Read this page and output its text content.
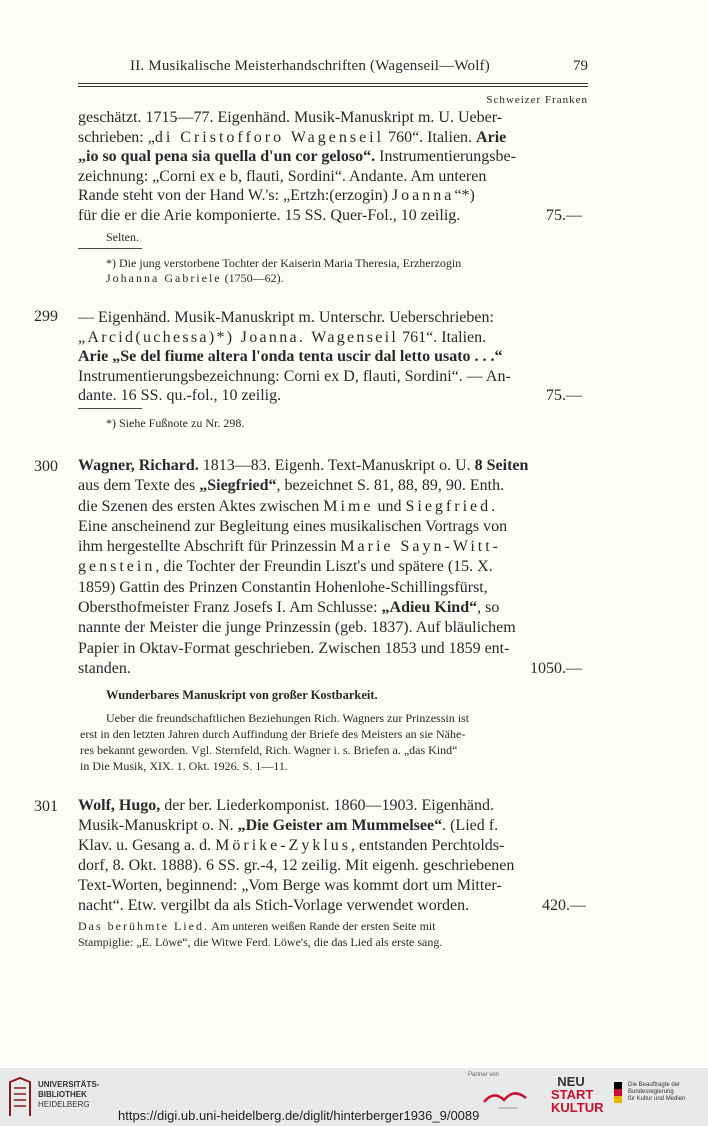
II. Musikalische Meisterhandschriften (Wagenseil—Wolf)	79
Schweizer Franken
geschätzt. 1715—77. Eigenhänd. Musik-Manuskript m. U. Ueber-
schrieben: „di Cristofforo Wagenseil 760“. Italien. Arie
„io so qual pena sia quella d'un cor geloso“. Instrumentierungsbe-
zeichnung: „Corni ex e b, flauti, Sordini“. Andante. Am unteren
Rande steht von der Hand W.'s: „Ertzh:(erzogin) Joanna“*)
für die er die Arie komponierte. 15 SS. Quer-Fol., 10 zeilig.	75.—
Selten.
*) Die jung verstorbene Tochter der Kaiserin Maria Theresia, Erzherzogin
Johanna Gabriele (1750—62).
299 — Eigenhänd. Musik-Manuskript m. Unterschr. Ueberschrieben:
„Arcid(uchessa)*) Joanna. Wagenseil 761“. Italien.
Arie „Se del fiume altera l'onda tenta uscir dal letto usato . . .“
Instrumentierungsbezeichnung: Corni ex D, flauti, Sordini“. — An-
dante. 16 SS. qu.-fol., 10 zeilig.	75.—
*) Siehe Fußnote zu Nr. 298.
300 Wagner, Richard. 1813—83. Eigenh. Text-Manuskript o. U. 8 Seiten
aus dem Texte des „Siegfried“, bezeichnet S. 81, 88, 89, 90. Enth.
die Szenen des ersten Aktes zwischen Mime und Siegfried.
Eine anscheinend zur Begleitung eines musikalischen Vortrags von
ihm hergestellte Abschrift für Prinzessin Marie Sayn-Witt-
genstein, die Tochter der Freundin Liszt's und spätere (15. X.
1859) Gattin des Prinzen Constantin Hohenlohe-Schillingsfürst,
Obersthofmeister Franz Josefs I. Am Schlusse: „Adieu Kind“, so
nannte der Meister die junge Prinzessin (geb. 1837). Auf bläulichem
Papier in Oktav-Format geschrieben. Zwischen 1853 und 1859 ent-
standen.	1050.—
Wunderbares Manuskript von großer Kostbarkeit.
Ueber die freundschaftlichen Beziehungen Rich. Wagners zur Prinzessin ist
erst in den letzten Jahren durch Auffindung der Briefe des Meisters an sie Nähe-
res bekannt geworden. Vgl. Sternfeld, Rich. Wagner i. s. Briefen a. „das Kind“
in Die Musik, XIX. 1. Okt. 1926. S. 1—11.
301 Wolf, Hugo, der ber. Liederkomponist. 1860—1903. Eigenhänd.
Musik-Manuskript o. N. „Die Geister am Mummelsee“. (Lied f.
Klav. u. Gesang a. d. Mörike-Zyklus, entstanden Perchtolds-
dorf, 8. Okt. 1888). 6 SS. gr.-4, 12 zeilig. Mit eigenh. geschriebenen
Text-Worten, beginnend: „Vom Berge was kommt dort um Mitter-
nacht“. Etw. vergilbt da als Stich-Vorlage verwendet worden.	420.—
Das berühmte Lied. Am unteren weißen Rande der ersten Seite mit
Stampiglie: „E. Löwe“, die Witwe Ferd. Löwe's, die das Lied als erste sang.
UNIVERSITÄTS-
BIBLIOTHEK
HEIDELBERG
https://digi.ub.uni-heidelberg.de/diglit/hinterberger1936_9/0089
Partner von	NEU
START
KULTUR
Die Beauftragte der Bundesregierung
für Kultur und Medien
